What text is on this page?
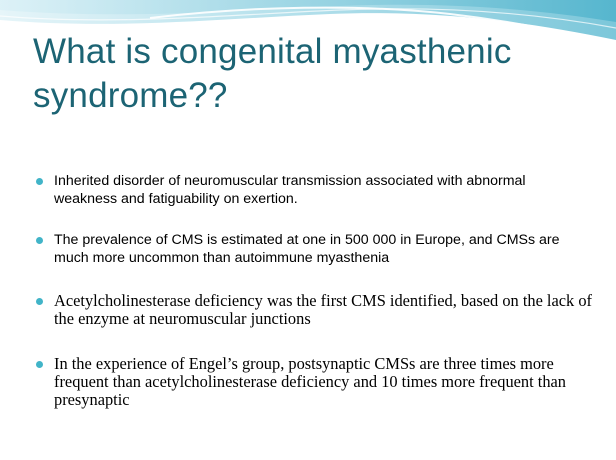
What is congenital myasthenic syndrome??
Inherited disorder of neuromuscular transmission associated with abnormal weakness and fatiguability on exertion.
The prevalence of CMS is estimated at one in 500 000 in Europe, and CMSs are much more uncommon than autoimmune myasthenia
Acetylcholinesterase deficiency was the first CMS identified, based on the lack of the enzyme at neuromuscular junctions
In the experience of Engel’s group, postsynaptic CMSs are three times more frequent than acetylcholinesterase deficiency and 10 times more frequent than presynaptic
